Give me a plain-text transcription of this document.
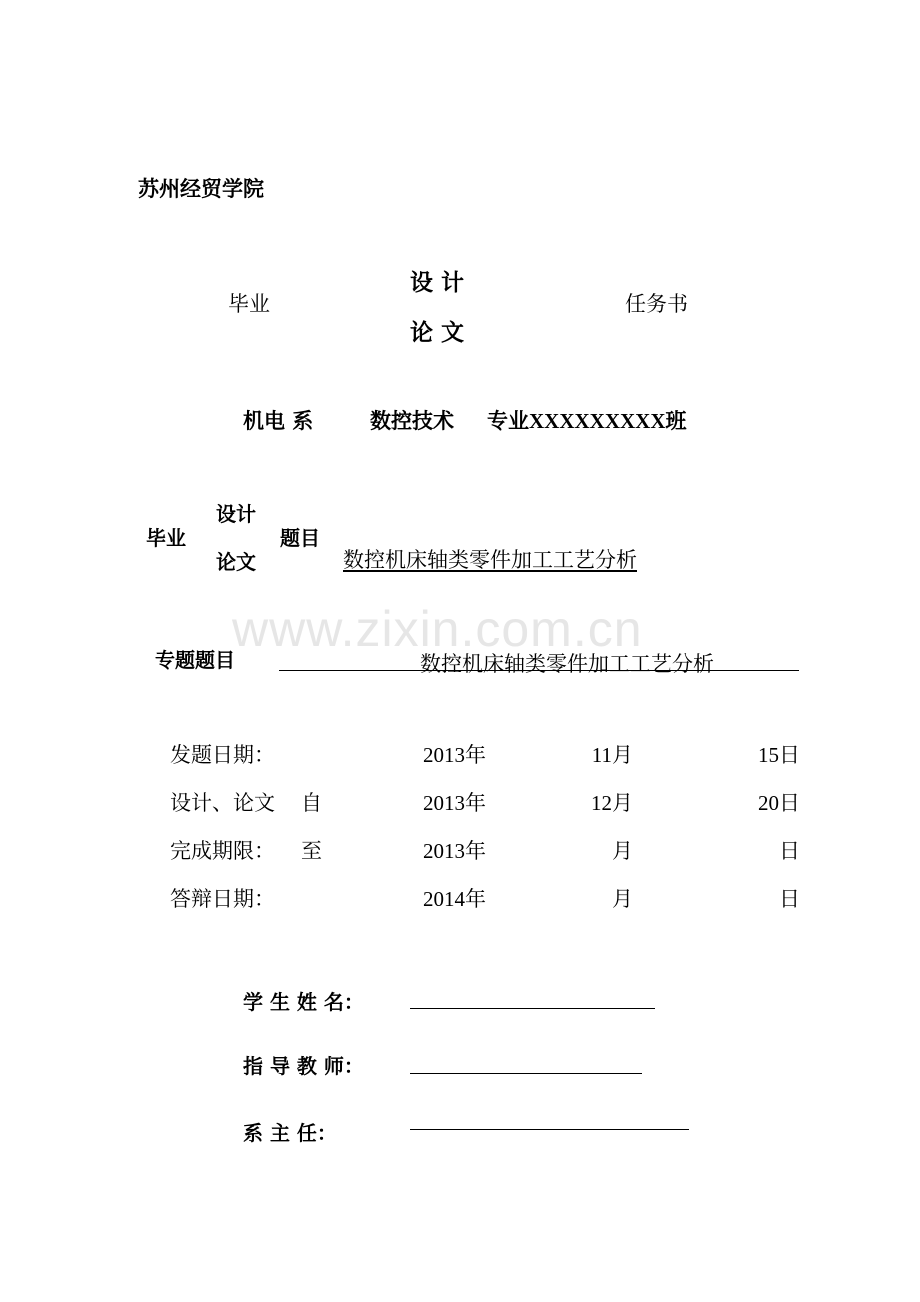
苏州经贸学院
毕业
设 计
论 文
任务书
机电 系	数控技术 专业XXXXXXXXX班
毕业
设计
论文
题目
数控机床轴类零件加工工艺分析
www.zixin.com.cn
专题题目	数控机床轴类零件加工工艺分析
发题日期：	2013年	11月	15日
设计、论文 自	2013年	12月	20日
完成期限： 至	2013年	月	日
答辩日期：	2014年	月	日
学 生 姓 名：
指 导 教 师：
系 主 任：
